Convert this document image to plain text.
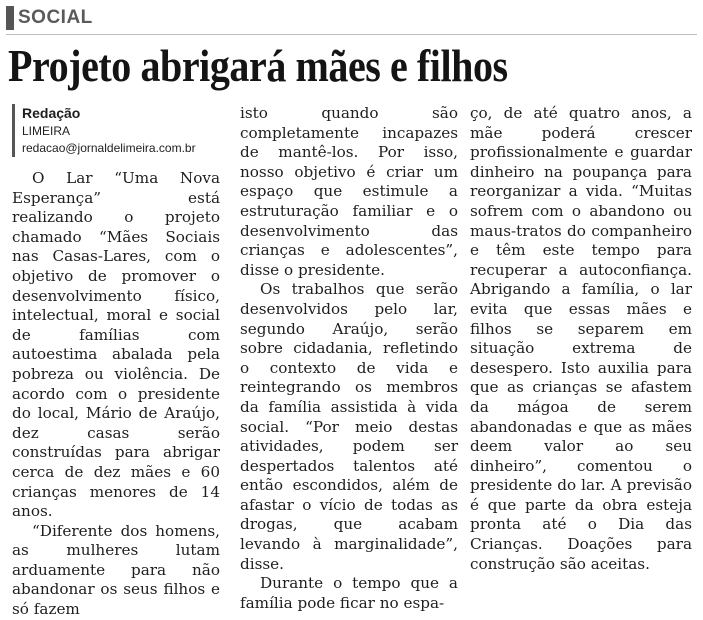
SOCIAL
Projeto abrigará mães e filhos
Redação
LIMEIRA
redacao@jornaldelimeira.com.br

O Lar “Uma Nova Esperança” está realizando o projeto chamado “Mães Sociais nas Casas-Lares, com o objetivo de promover o desenvolvimento físico, intelectual, moral e social de famílias com autoestima abalada pela pobreza ou violência. De acordo com o presidente do local, Mário de Araújo, dez casas serão construídas para abrigar cerca de dez mães e 60 crianças menores de 14 anos.

“Diferente dos homens, as mulheres lutam arduamente para não abandonar os seus filhos e só fazem

isto quando são completamente incapazes de mantê-los. Por isso, nosso objetivo é criar um espaço que estimule a estruturação familiar e o desenvolvimento das crianças e adolescentes”, disse o presidente.

Os trabalhos que serão desenvolvidos pelo lar, segundo Araújo, serão sobre cidadania, refletindo o contexto de vida e reintegrando os membros da família assistida à vida social. “Por meio destas atividades, podem ser despertados talentos até então escondidos, além de afastar o vício de todas as drogas, que acabam levando à marginalidade”, disse.

Durante o tempo que a família pode ficar no espa-

ço, de até quatro anos, a mãe poderá crescer profissionalmente e guardar dinheiro na poupança para reorganizar a vida. “Muitas sofrem com o abandono ou maus-tratos do companheiro e têm este tempo para recuperar a autoconfiança. Abrigando a família, o lar evita que essas mães e filhos se separem em situação extrema de desespero. Isto auxilia para que as crianças se afastem da mágoa de serem abandonadas e que as mães deem valor ao seu dinheiro”, comentou o presidente do lar. A previsão é que parte da obra esteja pronta até o Dia das Crianças. Doações para construção são aceitas.
